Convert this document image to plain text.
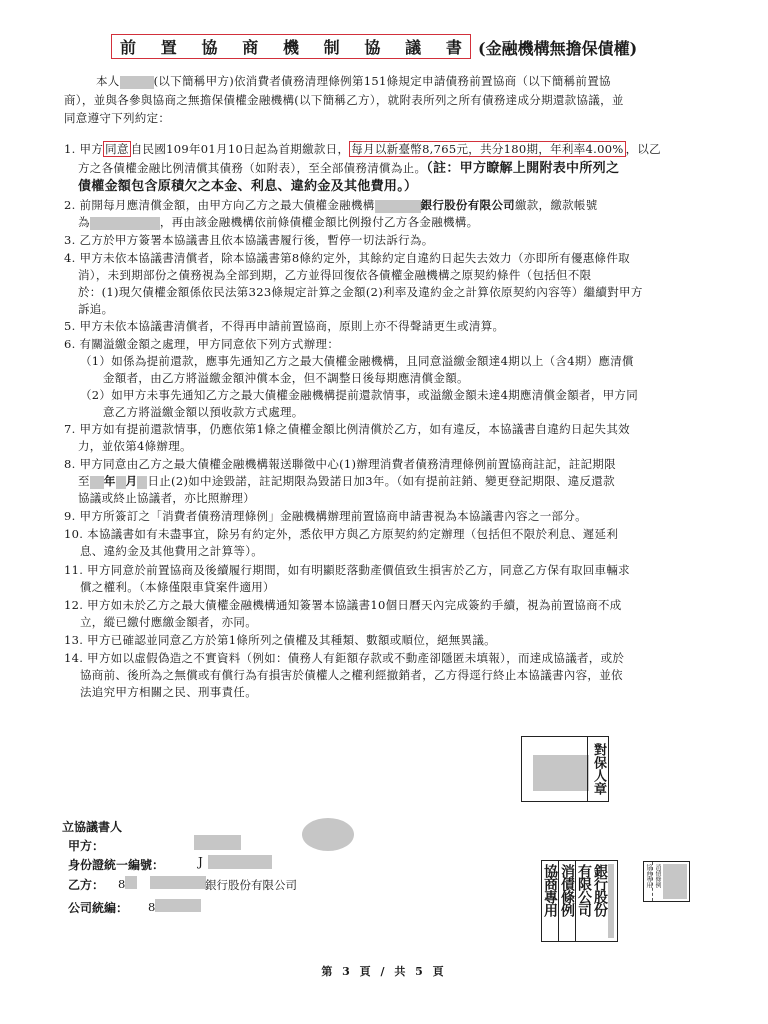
前 置 協 商 機 制 協 議 書 (金融機構無擔保債權)
本人	(以下簡稱甲方)依消費者債務清理條例第151條規定申請債務前置協商（以下簡稱前置協
商），並與各參與協商之無擔保債權金融機構(以下簡稱乙方），就附表所列之所有債務達成分期還款協議，並
同意遵守下列約定：
1. 甲方 同意 自民國109年01月10日起為首期繳款日， 每月以新臺幣8,765元，共分180期，年利率4.00% ，以乙
方之各債權金融比例清償其債務（如附表），至全部債務清償為止。（註：甲方瞭解上開附表中所列之
債權金額包含原積欠之本金、利息、違約金及其他費用。）
2. 前開每月應清償金額，由甲方向乙方之最大債權金融機構	銀行股份有限公司繳款，繳款帳號
為	，再由該金融機構依前條債權金額比例撥付乙方各金融機構。
3. 乙方於甲方簽署本協議書且依本協議書履行後，暫停一切法訴行為。
4. 甲方未依本協議書清償者，除本協議書第8條約定外，其餘約定自違約日起失去效力（亦即所有優惠條件取
消），未到期部份之債務視為全部到期，乙方並得回復依各債權金融機構之原契約條件（包括但不限
於：(1)現欠債權金額係依民法第323條規定計算之金額(2)利率及違約金之計算依原契約內容等）繼續對甲方
訴追。
5. 甲方未依本協議書清償者，不得再申請前置協商，原則上亦不得聲請更生或清算。
6. 有關溢繳金額之處理，甲方同意依下列方式辦理：
（1）如係為提前還款，應事先通知乙方之最大債權金融機構，且同意溢繳金額達4期以上（含4期）應清償
金額者，由乙方將溢繳金額沖償本金，但不調整日後每期應清償金額。
（2）如甲方未事先通知乙方之最大債權金融機構提前還款情事，或溢繳金額未達4期應清償金額者，甲方同
意乙方將溢繳金額以預收款方式處理。
7. 甲方如有提前還款情事，仍應依第1條之債權金額比例清償於乙方，如有違反，本協議書自違約日起失其效
力，並依第4條辦理。
8. 甲方同意由乙方之最大債權金融機構報送聯徵中心(1)辦理消費者債務清理條例前置協商註記，註記期限
至 年 月 日止(2)如中途毀諾，註記期限為毀諾日加3年。（如有提前註銷、變更登記期限、違反還款
協議或終止協議者，亦比照辦理）
9. 甲方所簽訂之「消費者債務清理條例」金融機構辦理前置協商申請書視為本協議書內容之一部分。
10. 本協議書如有未盡事宜，除另有約定外，悉依甲方與乙方原契約約定辦理（包括但不限於利息、遲延利
息、違約金及其他費用之計算等）。
11. 甲方同意於前置協商及後續履行期間，如有明顯貶落動產價值致生損害於乙方，同意乙方保有取回車輛求
償之權利。（本條僅限車貸案件適用）
12. 甲方如未於乙方之最大債權金融機構通知簽署本協議書10個日曆天內完成簽約手續，視為前置協商不成
立，縱已繳付應繳金額者，亦同。
13. 甲方已確認並同意乙方於第1條所列之債權及其種類、數額或順位，絕無異議。
14. 甲方如以虛假偽造之不實資料（例如：債務人有鉅額存款或不動產卻隱匿未填報），而達成協議者，或於
協商前、後所為之無償或有償行為有損害於債權人之權利經撤銷者，乙方得逕行終止本協議書內容，並依
法追究甲方相關之民、刑事責任。
對保人章
立協議書人
甲方：
身份證統一編號：	J
乙方： 8	銀行股份有限公司
公司統編： 8	協商專用 消債條例 有限公司 銀行股份	協商專用 消債條例
第 3 頁 / 共 5 頁
